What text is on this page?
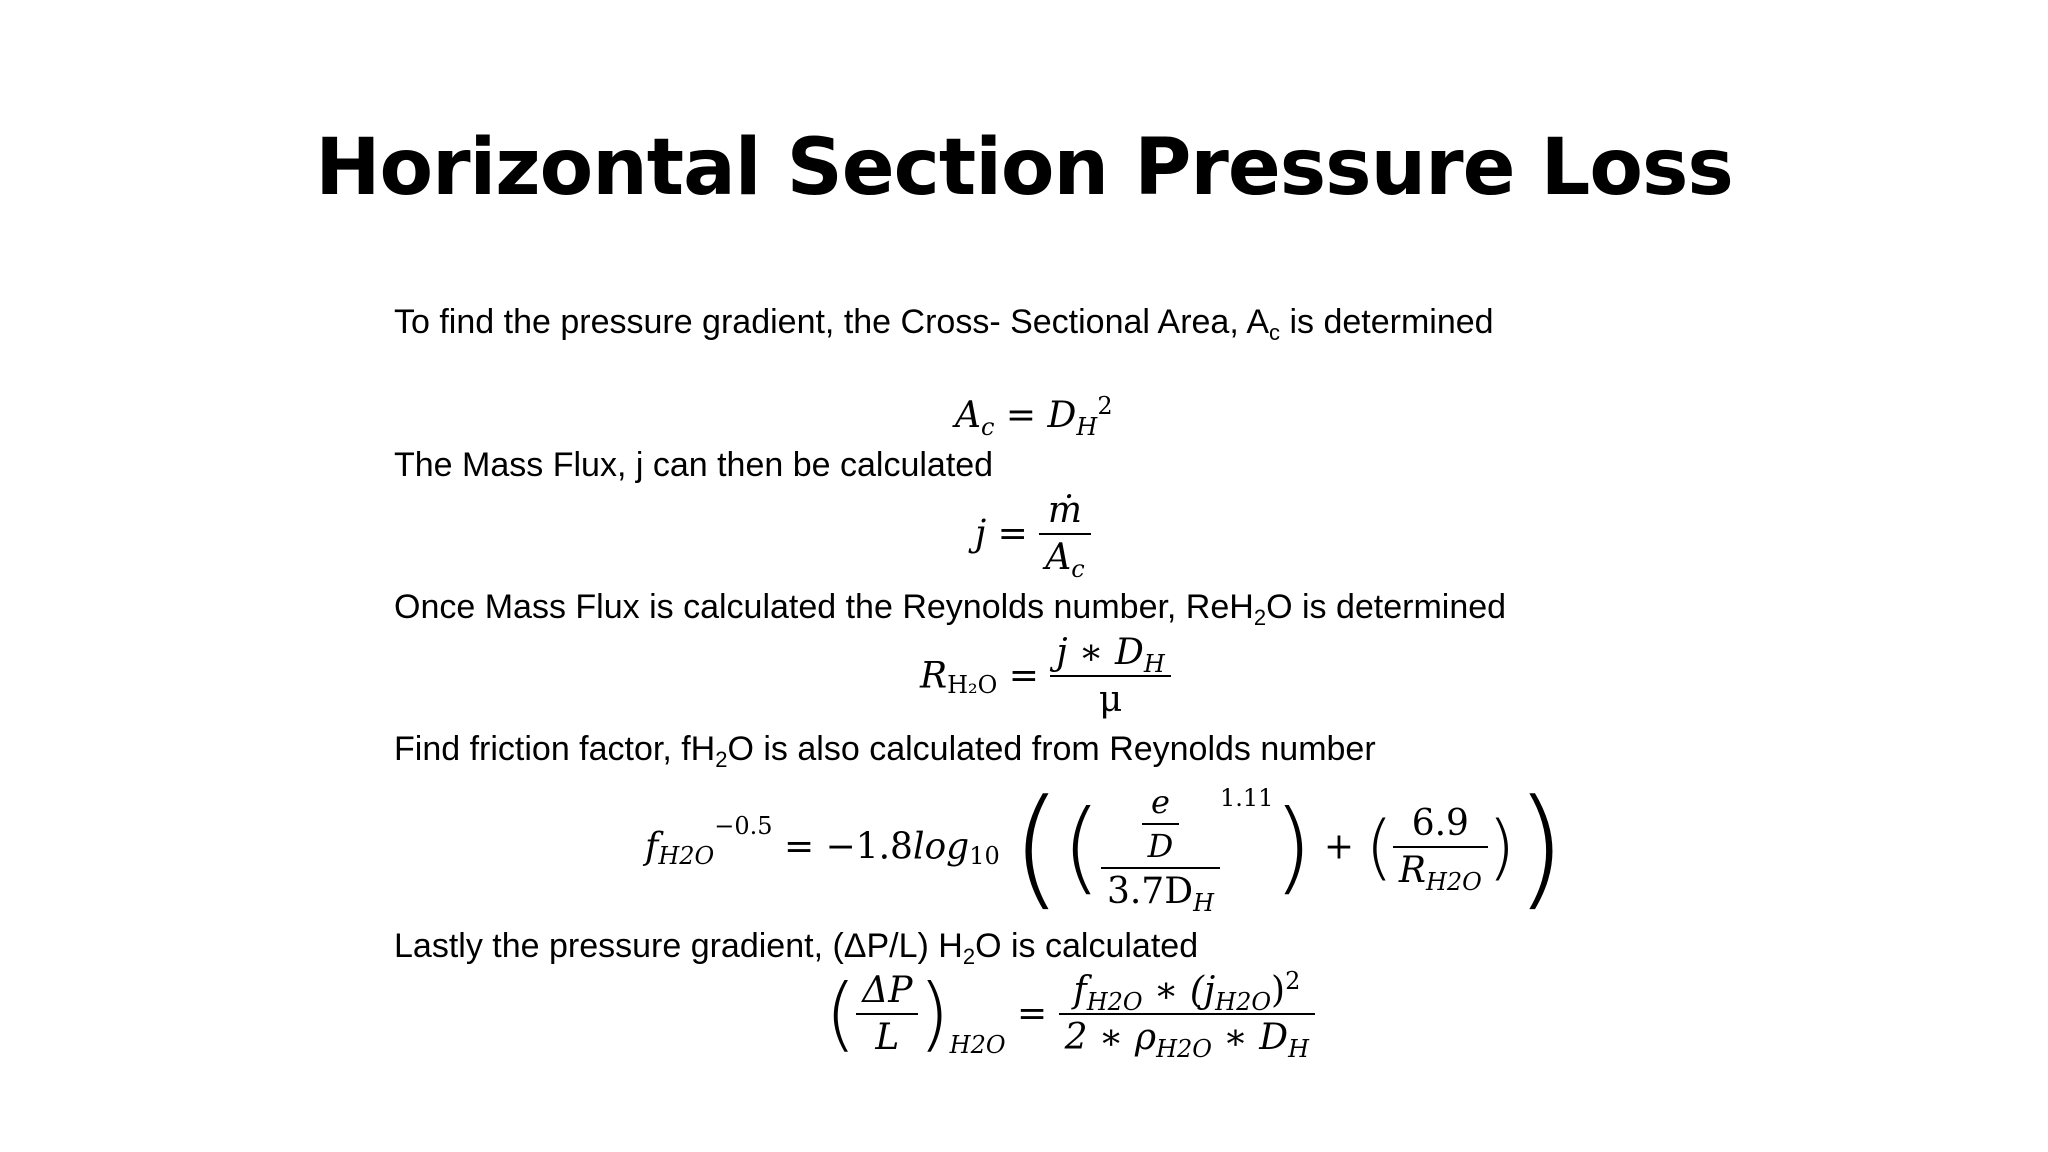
Horizontal Section Pressure Loss
To find the pressure gradient, the Cross- Sectional Area, $A_c$ is determined
$A_c = D_H^2$
The Mass Flux, j can then be calculated
$j = \frac{\text{ṁ}}{A_c}$
Once Mass Flux is calculated the Reynolds number, ReH$_2$O is determined
$R_{H_2O} = \frac{j ∗ D_H}{\mu}$
Find friction factor, $fH_2O$ is also calculated from Reynolds number
$f_{H2O}^{-0.5} = -1.8\log_{10}$ (( $\frac{\frac{e}{D}}{3.7D_H} ^{1.11}$) + ( $\frac{6.9}{R_{H2O}}$ ))
Lastly the pressure gradient, (ΔP/L) $H_2O$ is calculated
( $\frac{\Delta P}{L} )_{H2O} = \frac{f_{H2O} ∗ (j_{H2O})^2}{2 ∗ \rho_{H2O} ∗ D_H}$
